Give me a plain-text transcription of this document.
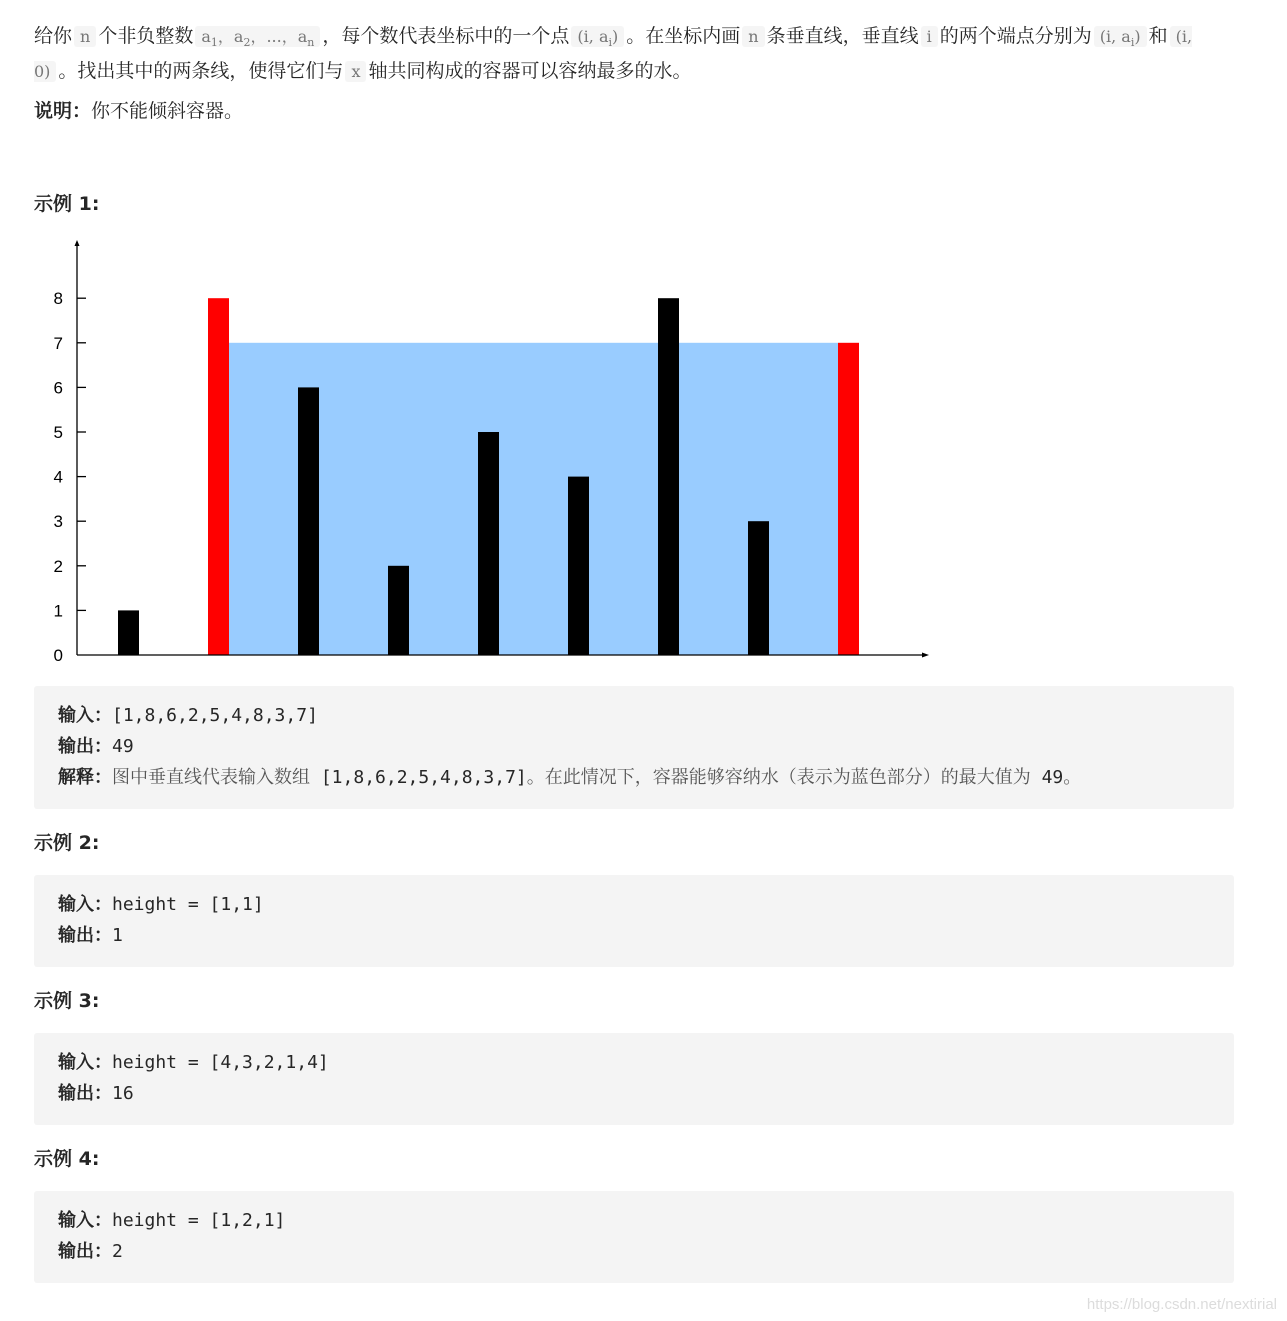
给你 n 个非负整数 $a_1$，$a_2$，...，$a_n$ ，每个数代表坐标中的一个点 (i, $a_i$) 。在坐标内画 n 条垂直线，垂直线 i 的两个端点分别为 (i, $a_i$) 和 (i, 0) 。找出其中的两条线，使得它们与 x 轴共同构成的容器可以容纳最多的水。
说明：你不能倾斜容器。
示例 1:
0
1
2
3
4
5
6
7
8
输入：[1,8,6,2,5,4,8,3,7]
输出：49
解释：图中垂直线代表输入数组 [1,8,6,2,5,4,8,3,7]。在此情况下，容器能够容纳水（表示为蓝色部分）的最大值为 49。
示例 2:
输入：height = [1,1]
输出：1
示例 3:
输入：height = [4,3,2,1,4]
输出：16
示例 4:
输入：height = [1,2,1]
输出：2
https://blog.csdn.net/nextirial
